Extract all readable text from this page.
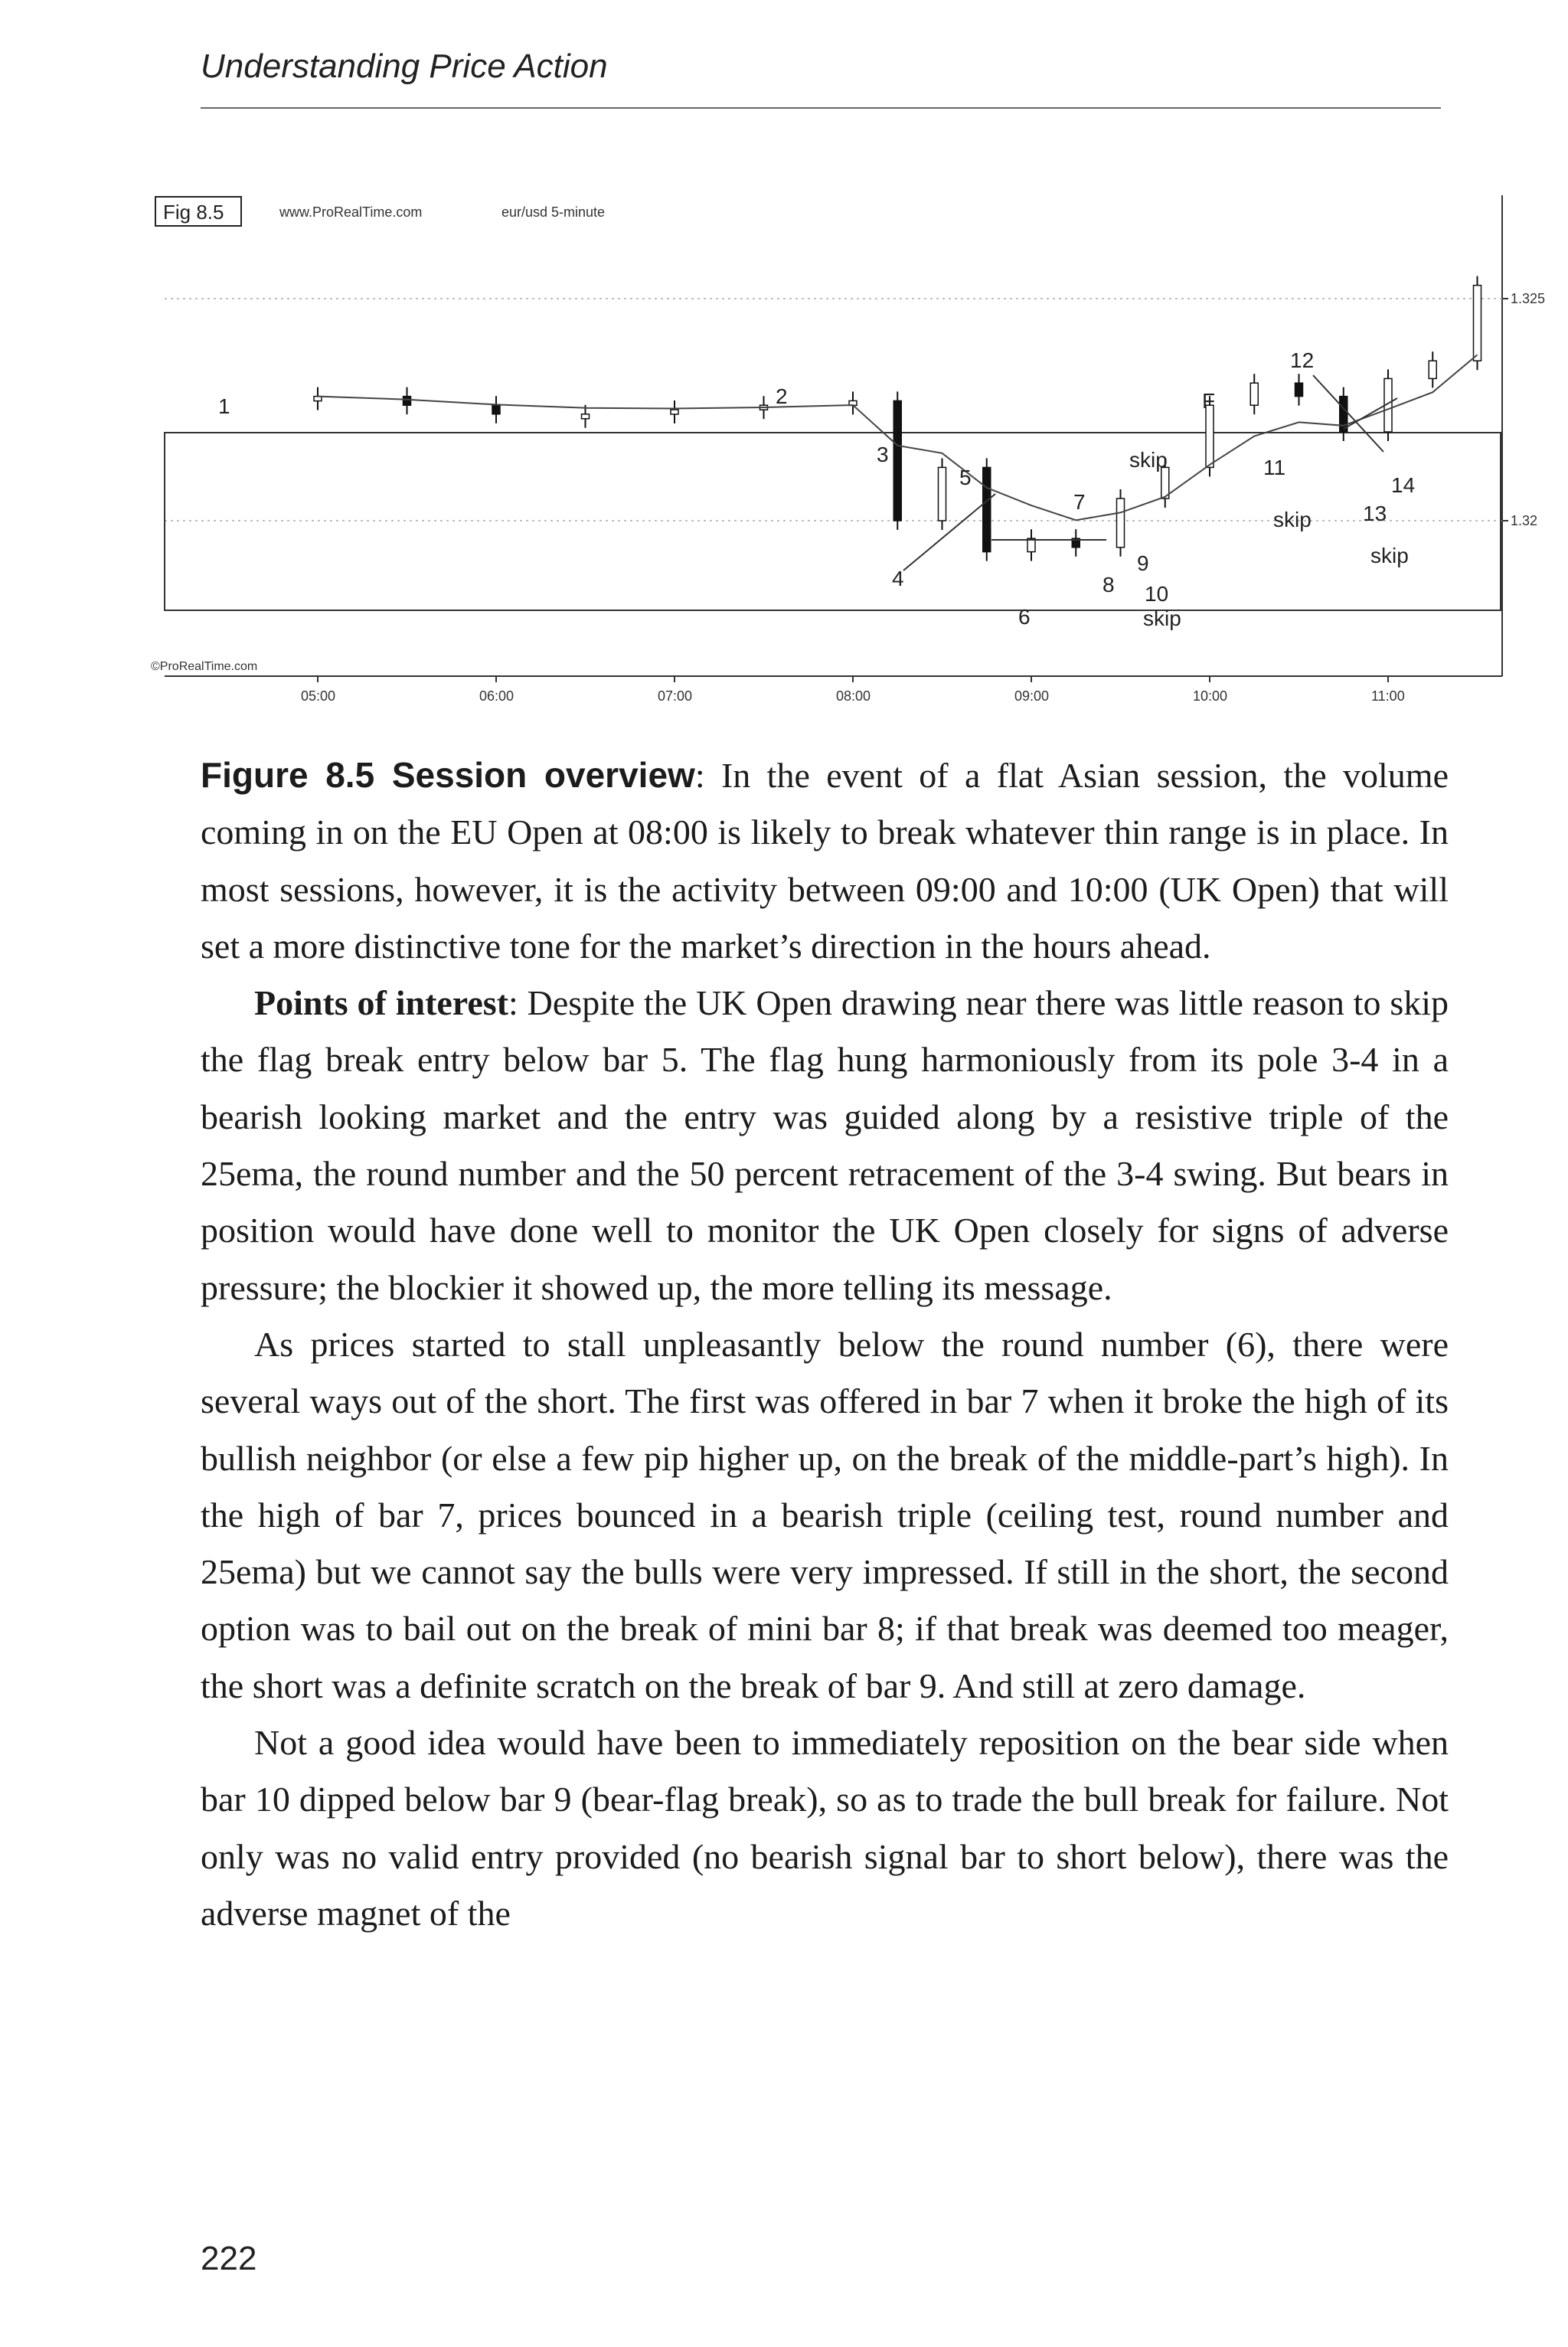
Understanding Price Action
Fig 8.5	www.ProRealTime.com	eur/usd 5-minute
05:00	06:00	07:00	08:00	09:00	10:00	11:00
1.325
1.32
1	2
3
4
5
6
7
8
9
10
F
11
12
13
14
skip
skip
skip
skip
©ProRealTime.com

Figure 8.5 Session overview: In the event of a flat Asian session, the volume coming in on the EU Open at 08:00 is likely to break whatever thin range is in place. In most sessions, however, it is the activity between 09:00 and 10:00 (UK Open) that will set a more distinctive tone for the market’s direction in the hours ahead.

Points of interest: Despite the UK Open drawing near there was little reason to skip the flag break entry below bar 5. The flag hung harmoniously from its pole 3-4 in a bearish looking market and the entry was guided along by a resistive triple of the 25ema, the round number and the 50 percent retracement of the 3-4 swing. But bears in position would have done well to monitor the UK Open closely for signs of adverse pressure; the blockier it showed up, the more telling its message.

As prices started to stall unpleasantly below the round number (6), there were several ways out of the short. The first was offered in bar 7 when it broke the high of its bullish neighbor (or else a few pip higher up, on the break of the middle-part’s high). In the high of bar 7, prices bounced in a bearish triple (ceiling test, round number and 25ema) but we cannot say the bulls were very impressed. If still in the short, the second option was to bail out on the break of mini bar 8; if that break was deemed too meager, the short was a definite scratch on the break of bar 9. And still at zero damage.

Not a good idea would have been to immediately reposition on the bear side when bar 10 dipped below bar 9 (bear-flag break), so as to trade the bull break for failure. Not only was no valid entry provided (no bearish signal bar to short below), there was the adverse magnet of the

222
